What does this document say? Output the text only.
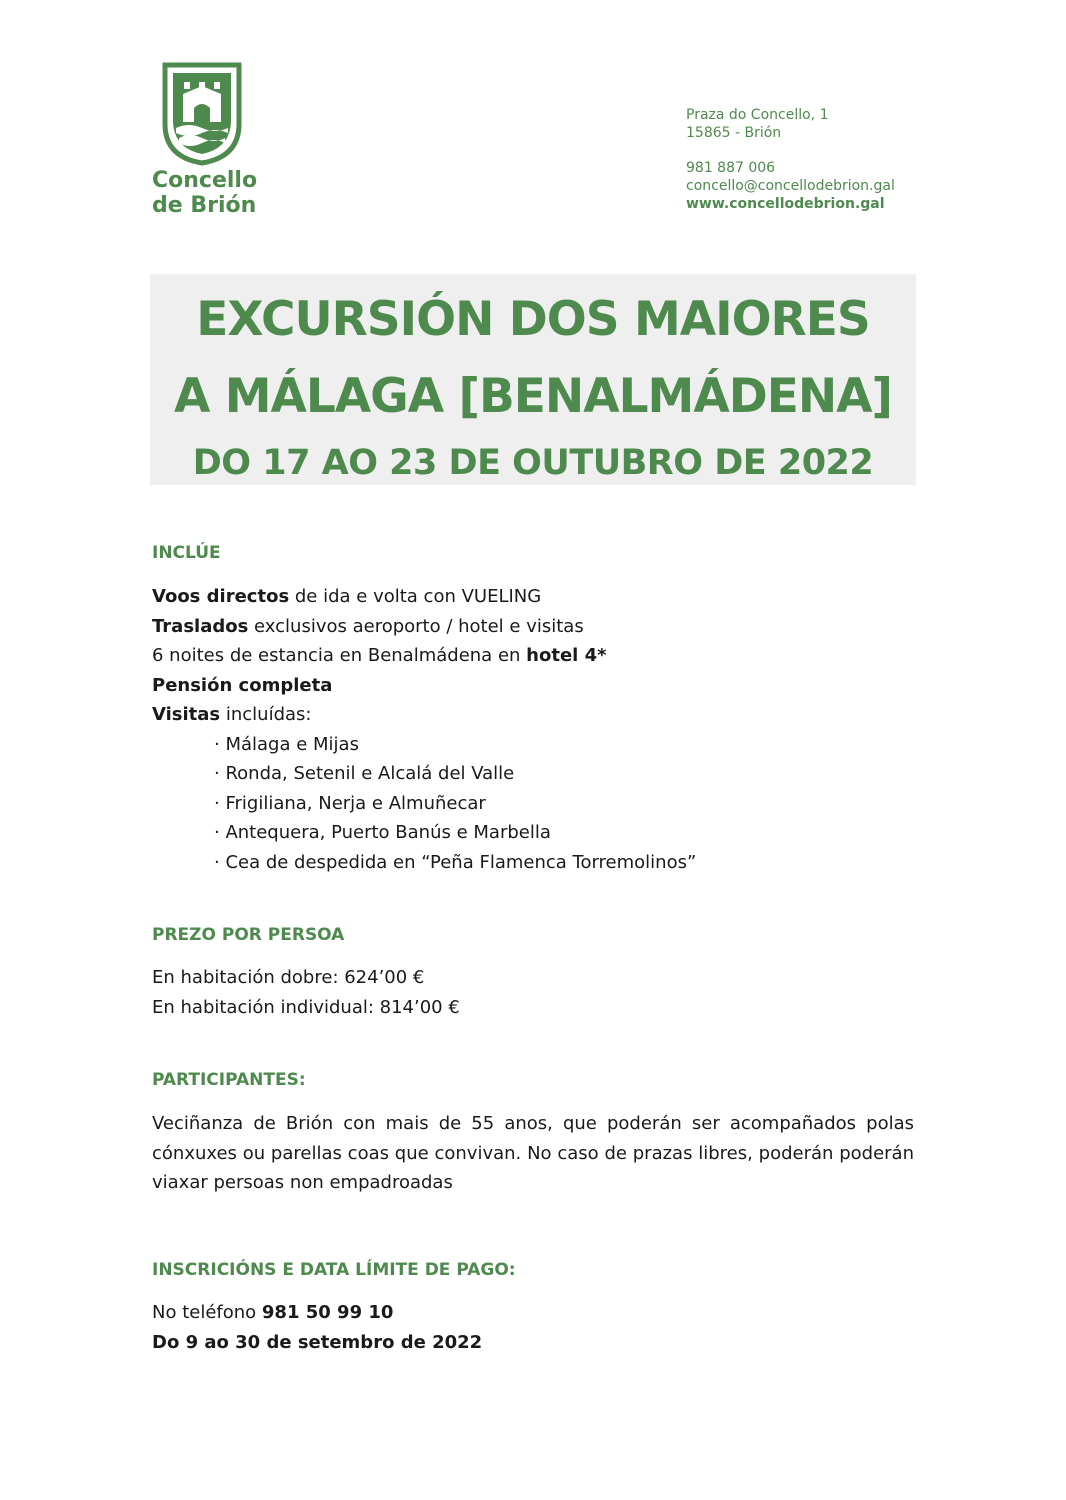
Concello
de Brión
Praza do Concello, 1
15865 - Brión
981 887 006
concello@concellodebrion.gal
www.concellodebrion.gal
EXCURSIÓN DOS MAIORES
A MÁLAGA [BENALMÁDENA]
DO 17 AO 23 DE OUTUBRO DE 2022
INCLÚE
Voos directos de ida e volta con VUELING
Traslados exclusivos aeroporto / hotel e visitas
6 noites de estancia en Benalmádena en hotel 4*
Pensión completa
Visitas incluídas:
· Málaga e Mijas
· Ronda, Setenil e Alcalá del Valle
· Frigiliana, Nerja e Almuñecar
· Antequera, Puerto Banús e Marbella
· Cea de despedida en “Peña Flamenca Torremolinos”
PREZO POR PERSOA
En habitación dobre: 624’00 €
En habitación individual: 814’00 €
PARTICIPANTES:
Veciñanza de Brión con mais de 55 anos, que poderán ser acompañados polas cónxuxes ou parellas coas que convivan. No caso de prazas libres, poderán poderán viaxar persoas non empadroadas
INSCRICIÓNS E DATA LÍMITE DE PAGO:
No teléfono 981 50 99 10
Do 9 ao 30 de setembro de 2022
